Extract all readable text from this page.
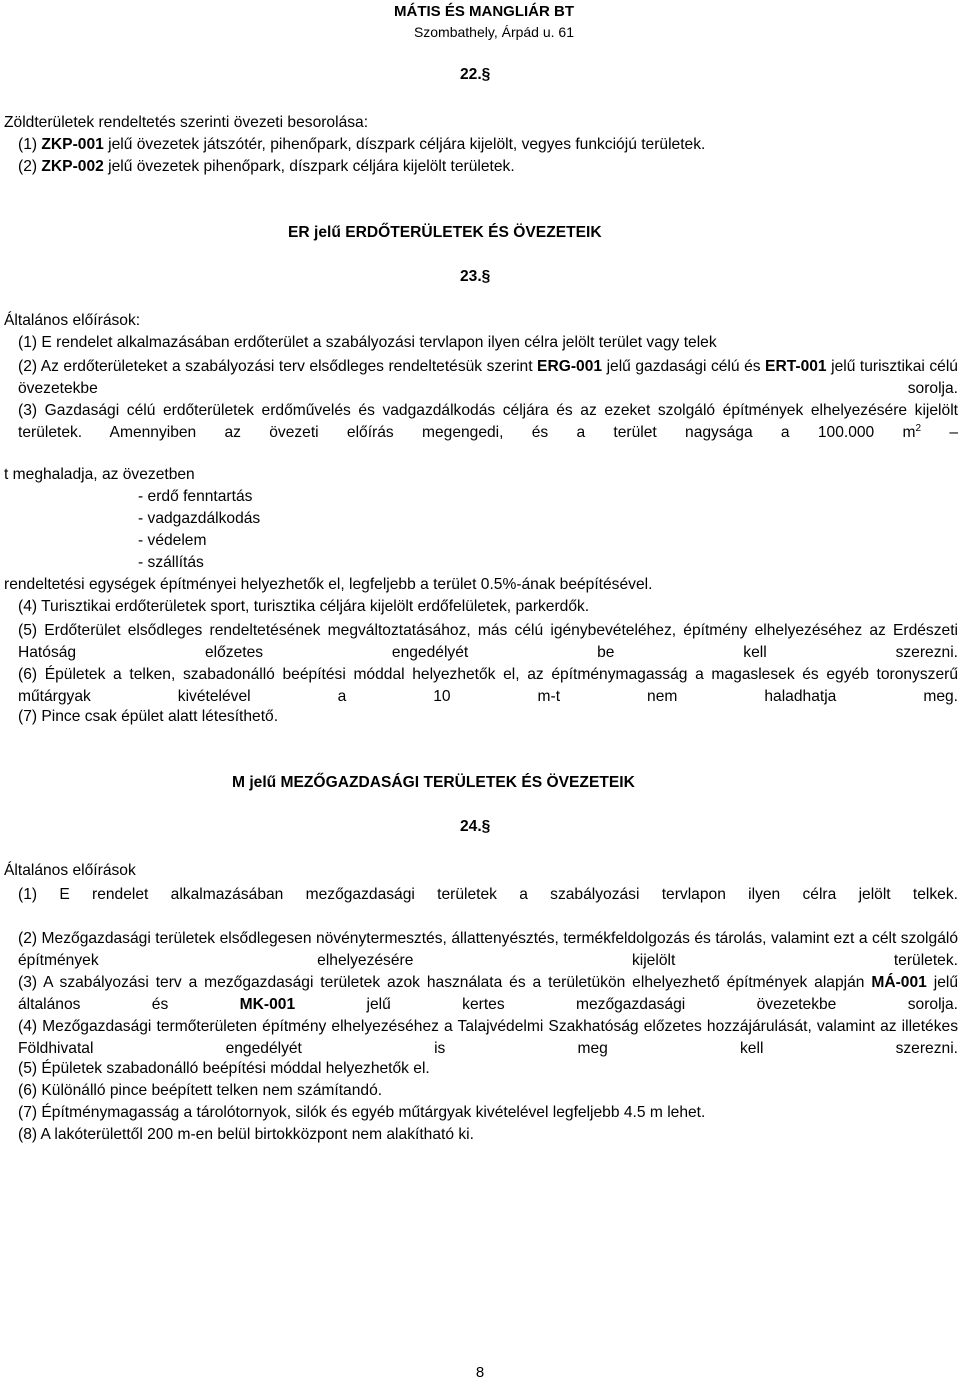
MÁTIS ÉS MANGLIÁR BT
Szombathely, Árpád u. 61
22.§
Zöldterületek rendeltetés szerinti övezeti besorolása:
(1) ZKP-001 jelű övezetek játszótér, pihenőpark, díszpark céljára kijelölt, vegyes funkciójú területek.
(2) ZKP-002 jelű övezetek pihenőpark, díszpark céljára kijelölt területek.
ER jelű ERDŐTERÜLETEK ÉS ÖVEZETEIK
23.§
Általános előírások:
(1) E rendelet alkalmazásában erdőterület a szabályozási tervlapon ilyen célra jelölt terület vagy telek
(2) Az erdőterületeket a szabályozási terv elsődleges rendeltetésük szerint ERG-001 jelű gazdasági célú és ERT-001 jelű turisztikai célú övezetekbe sorolja.
(3) Gazdasági célú erdőterületek erdőművelés és vadgazdálkodás céljára és az ezeket szolgáló építmények elhelyezésére kijelölt területek. Amennyiben az övezeti előírás megengedi, és a terület nagysága a 100.000 $m^2$ –
t meghaladja, az övezetben
- erdő fenntartás
- vadgazdálkodás
- védelem
- szállítás
rendeltetési egységek építményei helyezhetők el, legfeljebb a terület 0.5%-ának beépítésével.
(4) Turisztikai erdőterületek sport, turisztika céljára kijelölt erdőfelületek, parkerdők.
(5) Erdőterület elsődleges rendeltetésének megváltoztatásához, más célú igénybevételéhez, építmény elhelyezéséhez az Erdészeti Hatóság előzetes engedélyét be kell szerezni.
(6) Épületek a telken, szabadonálló beépítési móddal helyezhetők el, az építménymagasság a magaslesek és egyéb toronyszerű műtárgyak kivételével a 10 m-t nem haladhatja meg.
(7) Pince csak épület alatt létesíthető.
M jelű MEZŐGAZDASÁGI TERÜLETEK ÉS ÖVEZETEIK
24.§
Általános előírások
(1) E rendelet alkalmazásában mezőgazdasági területek a szabályozási tervlapon ilyen célra jelölt telkek.
(2) Mezőgazdasági területek elsődlegesen növénytermesztés, állattenyésztés, termékfeldolgozás és tárolás, valamint ezt a célt szolgáló építmények elhelyezésére kijelölt területek.
(3) A szabályozási terv a mezőgazdasági területek azok használata és a területükön elhelyezhető építmények alapján MÁ-001 jelű általános és MK-001 jelű kertes mezőgazdasági övezetekbe sorolja.
(4) Mezőgazdasági termőterületen építmény elhelyezéséhez a Talajvédelmi Szakhatóság előzetes hozzájárulását, valamint az illetékes Földhivatal engedélyét is meg kell szerezni.
(5) Épületek szabadonálló beépítési móddal helyezhetők el.
(6) Különálló pince beépített telken nem számítandó.
(7) Építménymagasság a tárolótornyok, silók és egyéb műtárgyak kivételével legfeljebb 4.5 m lehet.
(8) A lakóterülettől 200 m-en belül birtokközpont nem alakítható ki.
8
